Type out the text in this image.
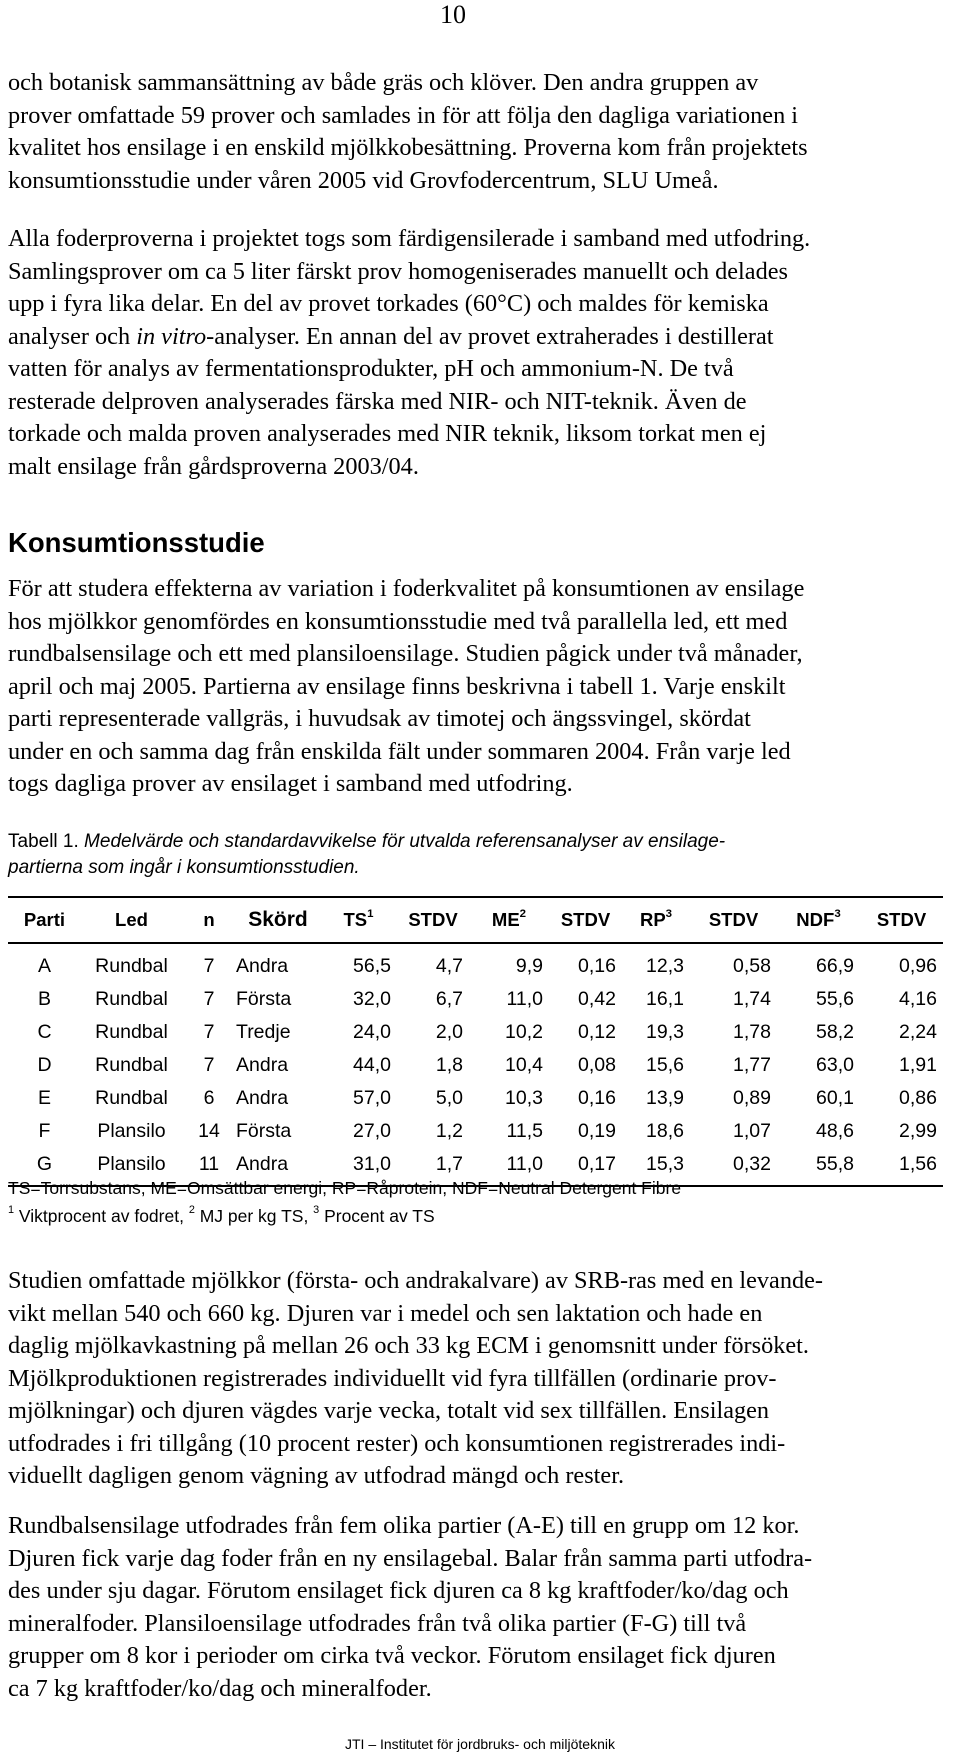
10
och botanisk sammansättning av både gräs och klöver. Den andra gruppen av
prover omfattade 59 prover och samlades in för att följa den dagliga variationen i
kvalitet hos ensilage i en enskild mjölkkobesättning. Proverna kom från projektets
konsumtionsstudie under våren 2005 vid Grovfodercentrum, SLU Umeå.
Alla foderproverna i projektet togs som färdigensilerade i samband med utfodring.
Samlingsprover om ca 5 liter färskt prov homogeniserades manuellt och delades
upp i fyra lika delar. En del av provet torkades (60°C) och maldes för kemiska
analyser och in vitro-analyser. En annan del av provet extraherades i destillerat
vatten för analys av fermentationsprodukter, pH och ammonium-N. De två
resterade delproven analyserades färska med NIR- och NIT-teknik. Även de
torkade och malda proven analyserades med NIR teknik, liksom torkat men ej
malt ensilage från gårdsproverna 2003/04.
Konsumtionsstudie
För att studera effekterna av variation i foderkvalitet på konsumtionen av ensilage
hos mjölkkor genomfördes en konsumtionsstudie med två parallella led, ett med
rundbalsensilage och ett med plansiloensilage. Studien pågick under två månader,
april och maj 2005. Partierna av ensilage finns beskrivna i tabell 1. Varje enskilt
parti representerade vallgräs, i huvudsak av timotej och ängssvingel, skördat
under en och samma dag från enskilda fält under sommaren 2004. Från varje led
togs dagliga prover av ensilaget i samband med utfodring.
Tabell 1. Medelvärde och standardavvikelse för utvalda referensanalyser av ensilage-
partierna som ingår i konsumtionsstudien.
Parti	Led	n	Skörd	$TS^1$	STDV	$ME^2$	STDV	$RP^3$	STDV	NDF$^3$	STDV
A	Rundbal	7	Andra	56,5	4,7	9,9	0,16	12,3	0,58	66,9	0,96
B	Rundbal	7	Första	32,0	6,7	11,0	0,42	16,1	1,74	55,6	4,16
C	Rundbal	7	Tredje	24,0	2,0	10,2	0,12	19,3	1,78	58,2	2,24
D	Rundbal	7	Andra	44,0	1,8	10,4	0,08	15,6	1,77	63,0	1,91
E	Rundbal	6	Andra	57,0	5,0	10,3	0,16	13,9	0,89	60,1	0,86
F	Plansilo	14	Första	27,0	1,2	11,5	0,19	18,6	1,07	48,6	2,99
G	Plansilo	11	Andra	31,0	1,7	11,0	0,17	15,3	0,32	55,8	1,56
TS=Torrsubstans, ME=Omsättbar energi, RP=Råprotein, NDF=Neutral Detergent Fibre
$^1$ Viktprocent av fodret, $^2$ MJ per kg TS, $^3$ Procent av TS
Studien omfattade mjölkkor (första- och andrakalvare) av SRB-ras med en levande-
vikt mellan 540 och 660 kg. Djuren var i medel och sen laktation och hade en
daglig mjölkavkastning på mellan 26 och 33 kg ECM i genomsnitt under försöket.
Mjölkproduktionen registrerades individuellt vid fyra tillfällen (ordinarie prov-
mjölkningar) och djuren vägdes varje vecka, totalt vid sex tillfällen. Ensilagen
utfodrades i fri tillgång (10 procent rester) och konsumtionen registrerades indi-
viduellt dagligen genom vägning av utfodrad mängd och rester.
Rundbalsensilage utfodrades från fem olika partier (A-E) till en grupp om 12 kor.
Djuren fick varje dag foder från en ny ensilagebal. Balar från samma parti utfodra-
des under sju dagar. Förutom ensilaget fick djuren ca 8 kg kraftfoder/ko/dag och
mineralfoder. Plansiloensilage utfodrades från två olika partier (F-G) till två
grupper om 8 kor i perioder om cirka två veckor. Förutom ensilaget fick djuren
ca 7 kg kraftfoder/ko/dag och mineralfoder.
JTI – Institutet för jordbruks- och miljöteknik
